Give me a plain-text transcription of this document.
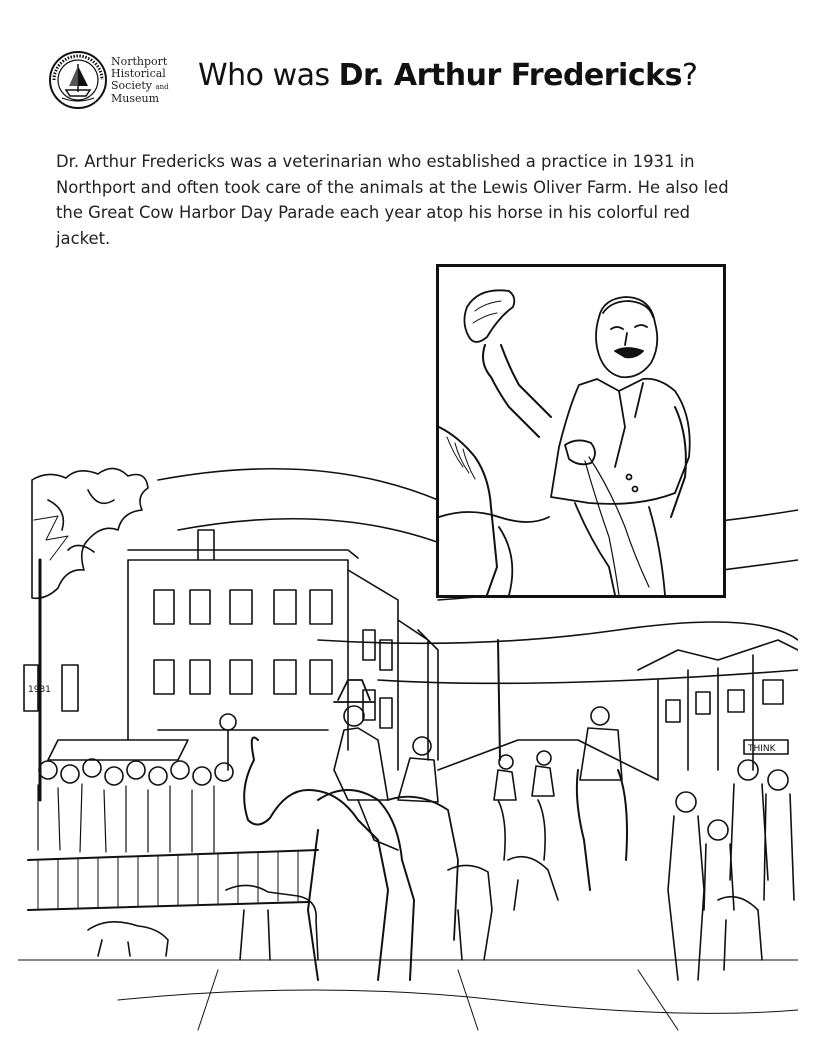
Northport
Historical
Society and
Museum
Who was Dr. Arthur Fredericks?

Dr. Arthur Fredericks was a veterinarian who established a practice in 1931 in Northport and often took care of the animals at the Lewis Oliver Farm. He also led the Great Cow Harbor Day Parade each year atop his horse in his colorful red jacket.

1931
THINK
